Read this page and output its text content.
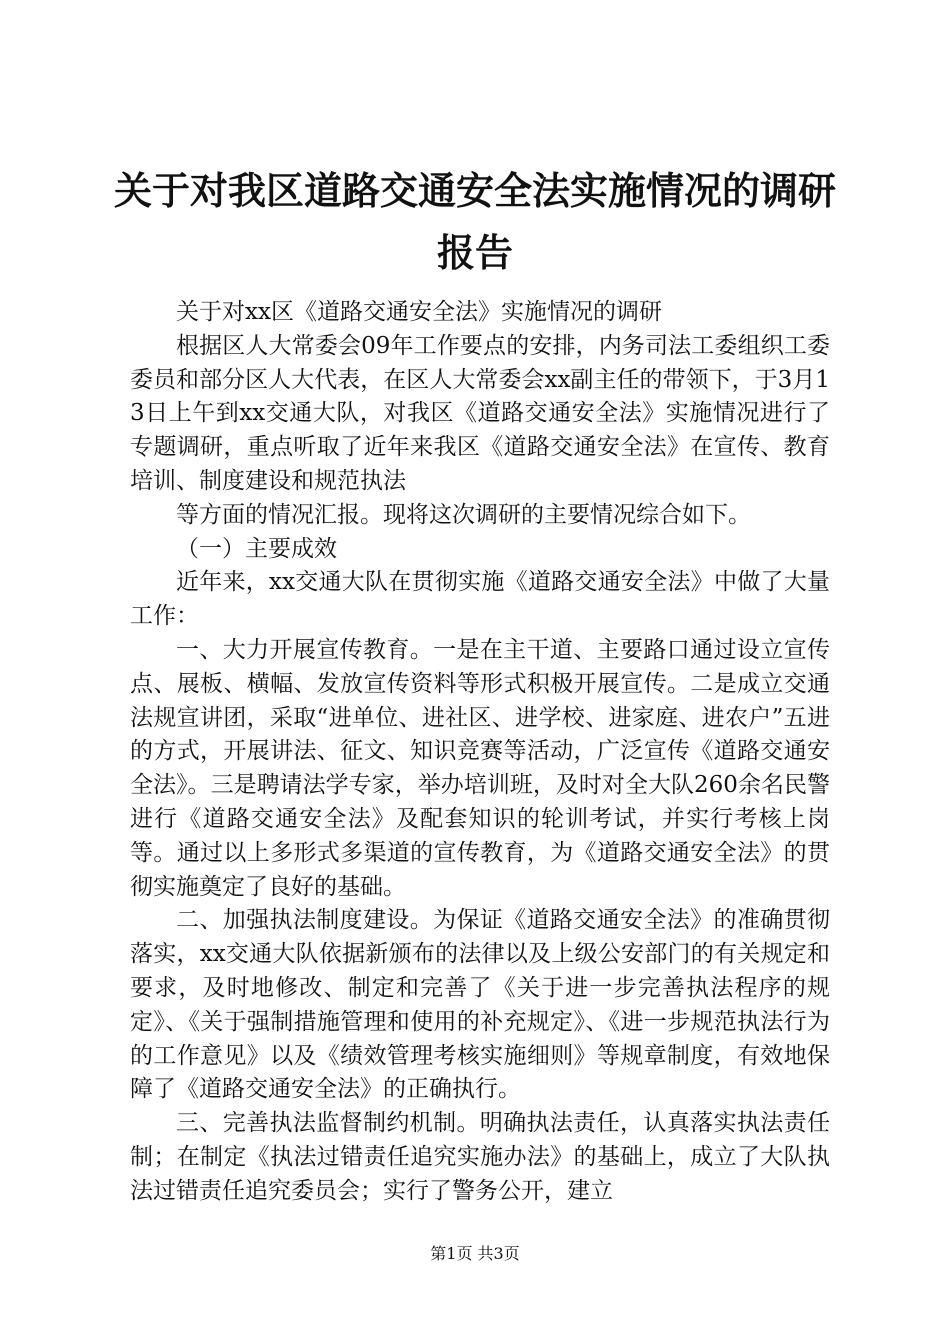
关于对我区道路交通安全法实施情况的调研报告

关于对xx区《道路交通安全法》实施情况的调研

根据区人大常委会09年工作要点的安排，内务司法工委组织工委委员和部分区人大代表，在区人大常委会xx副主任的带领下，于3月13日上午到xx交通大队，对我区《道路交通安全法》实施情况进行了专题调研，重点听取了近年来我区《道路交通安全法》在宣传、教育培训、制度建设和规范执法

等方面的情况汇报。现将这次调研的主要情况综合如下。

（一）主要成效

近年来，xx交通大队在贯彻实施《道路交通安全法》中做了大量工作：

一、大力开展宣传教育。一是在主干道、主要路口通过设立宣传点、展板、横幅、发放宣传资料等形式积极开展宣传。二是成立交通法规宣讲团，采取“进单位、进社区、进学校、进家庭、进农户”五进的方式，开展讲法、征文、知识竞赛等活动，广泛宣传《道路交通安全法》。三是聘请法学专家，举办培训班，及时对全大队260余名民警进行《道路交通安全法》及配套知识的轮训考试，并实行考核上岗等。通过以上多形式多渠道的宣传教育，为《道路交通安全法》的贯彻实施奠定了良好的基础。

二、加强执法制度建设。为保证《道路交通安全法》的准确贯彻落实，xx交通大队依据新颁布的法律以及上级公安部门的有关规定和要求，及时地修改、制定和完善了《关于进一步完善执法程序的规定》、《关于强制措施管理和使用的补充规定》、《进一步规范执法行为的工作意见》以及《绩效管理考核实施细则》等规章制度，有效地保障了《道路交通安全法》的正确执行。

三、完善执法监督制约机制。明确执法责任，认真落实执法责任制；在制定《执法过错责任追究实施办法》的基础上，成立了大队执法过错责任追究委员会；实行了警务公开，建立

第1页 共3页
